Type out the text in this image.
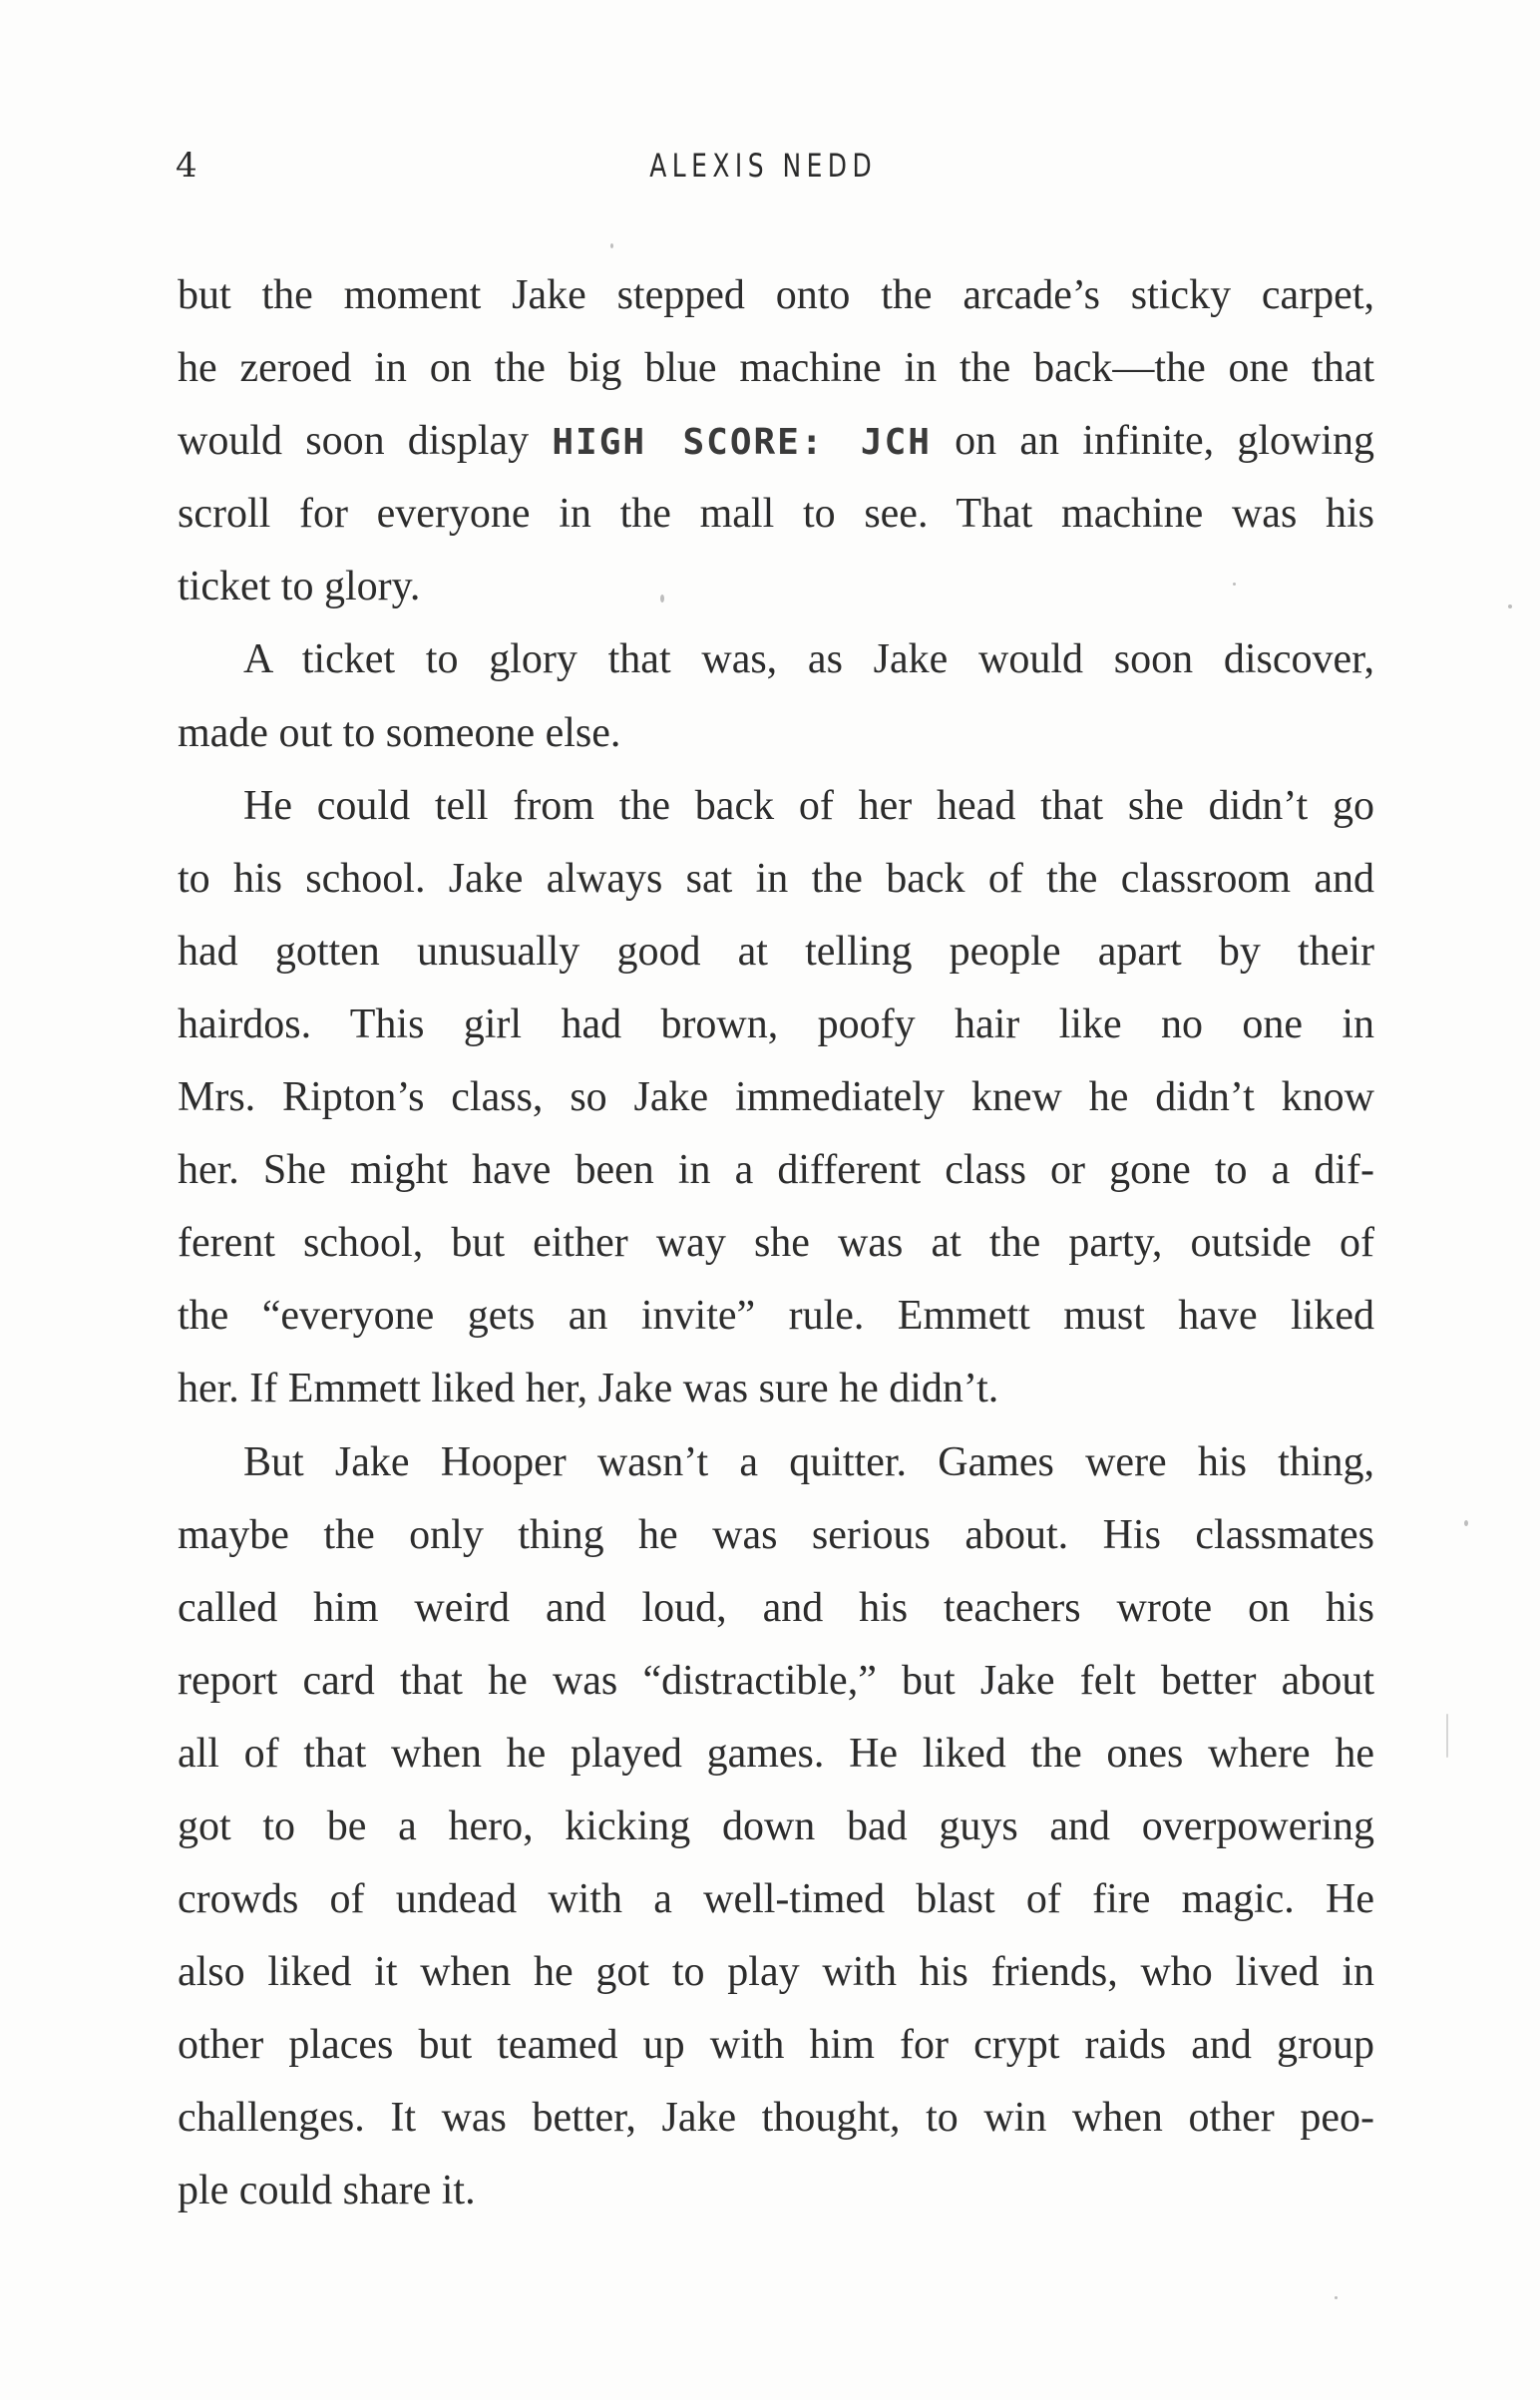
4	ALEXIS NEDD
but the moment Jake stepped onto the arcade’s sticky carpet,
he zeroed in on the big blue machine in the back—the one that
would soon display HIGH SCORE: JCH on an infinite, glowing
scroll for everyone in the mall to see. That machine was his
ticket to glory.
A ticket to glory that was, as Jake would soon discover,
made out to someone else.
He could tell from the back of her head that she didn’t go
to his school. Jake always sat in the back of the classroom and
had gotten unusually good at telling people apart by their
hairdos. This girl had brown, poofy hair like no one in
Mrs. Ripton’s class, so Jake immediately knew he didn’t know
her. She might have been in a different class or gone to a dif-
ferent school, but either way she was at the party, outside of
the “everyone gets an invite” rule. Emmett must have liked
her. If Emmett liked her, Jake was sure he didn’t.
But Jake Hooper wasn’t a quitter. Games were his thing,
maybe the only thing he was serious about. His classmates
called him weird and loud, and his teachers wrote on his
report card that he was “distractible,” but Jake felt better about
all of that when he played games. He liked the ones where he
got to be a hero, kicking down bad guys and overpowering
crowds of undead with a well-timed blast of fire magic. He
also liked it when he got to play with his friends, who lived in
other places but teamed up with him for crypt raids and group
challenges. It was better, Jake thought, to win when other peo-
ple could share it.
